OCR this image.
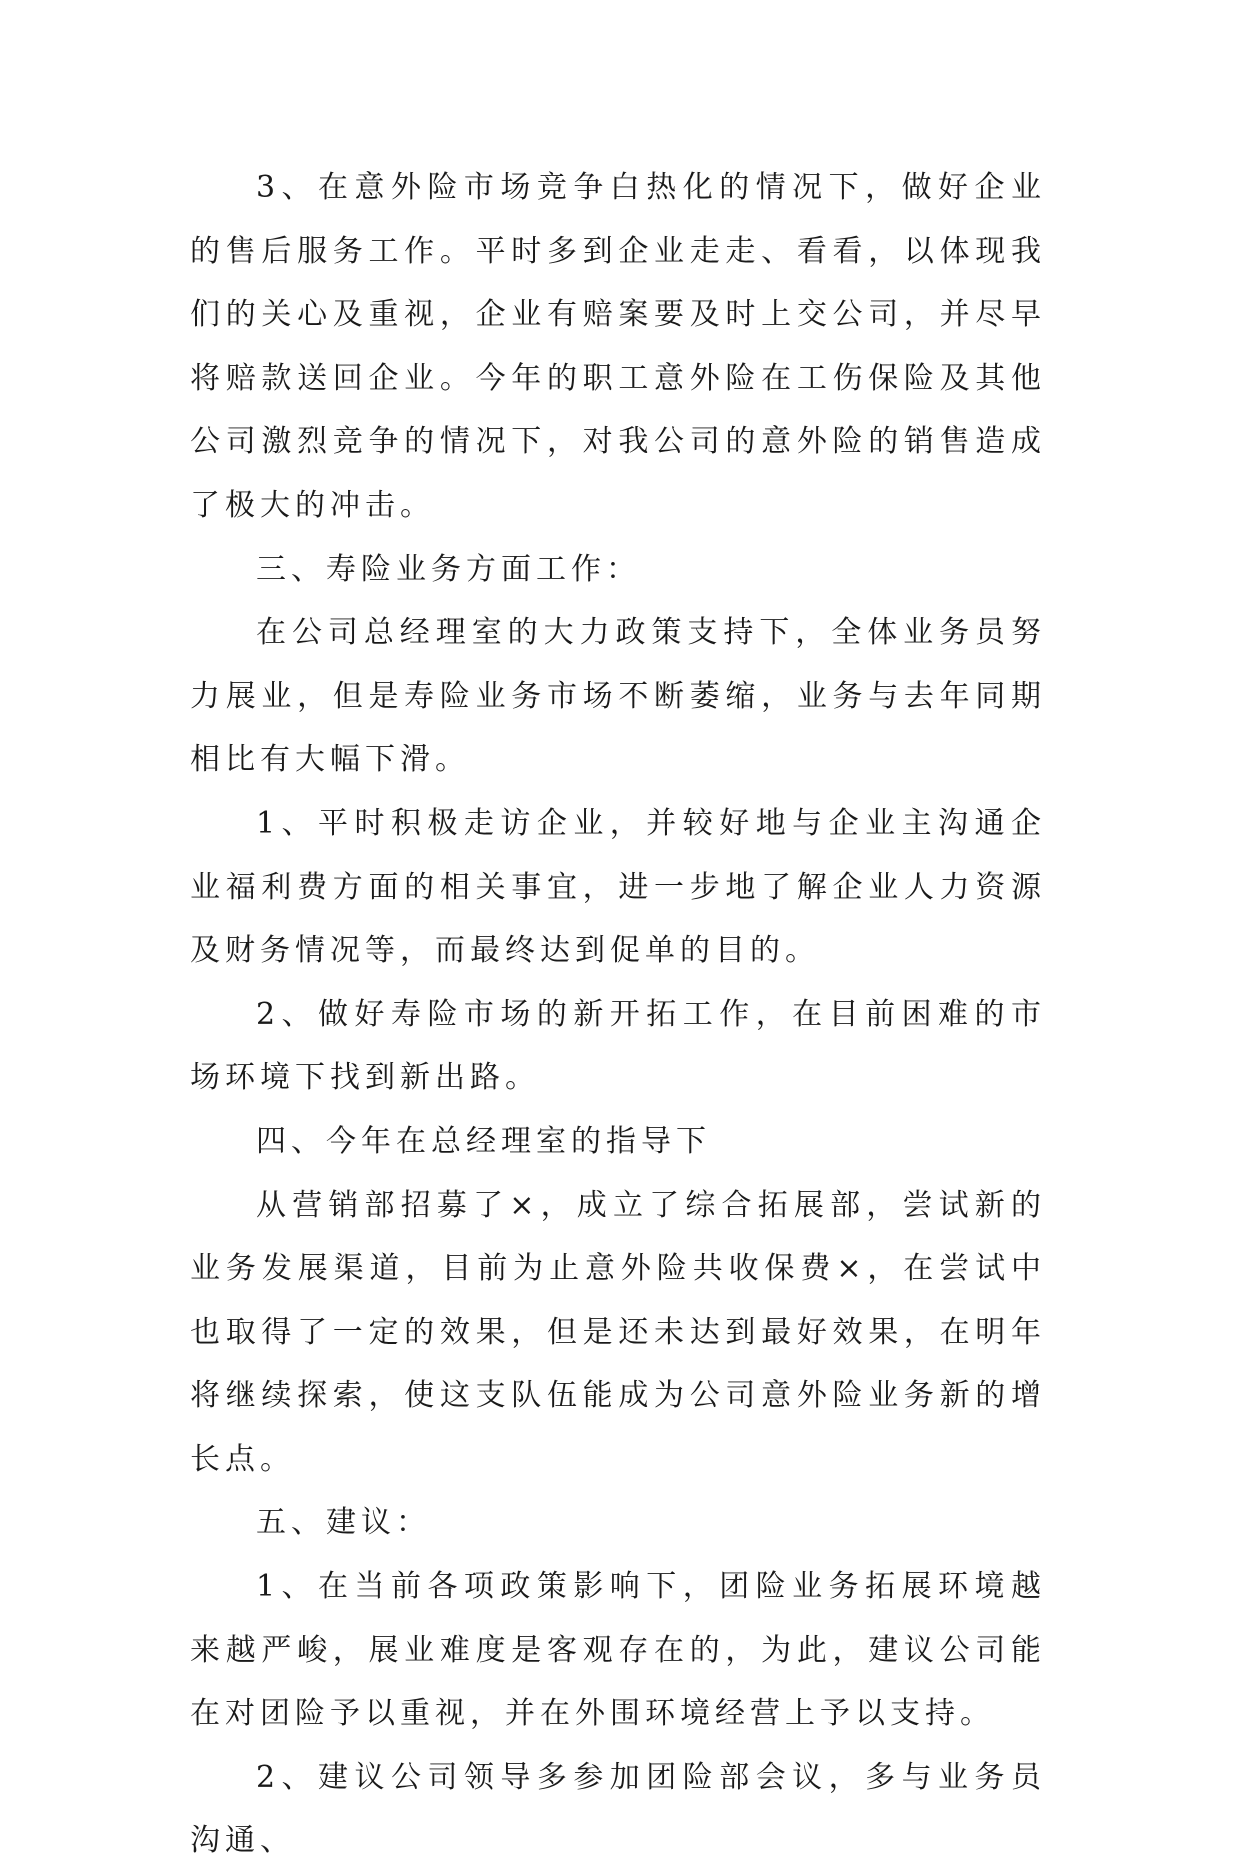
3、在意外险市场竞争白热化的情况下，做好企业的售后服务工作。平时多到企业走走、看看，以体现我们的关心及重视，企业有赔案要及时上交公司，并尽早将赔款送回企业。今年的职工意外险在工伤保险及其他公司激烈竞争的情况下，对我公司的意外险的销售造成了极大的冲击。

三、寿险业务方面工作：

在公司总经理室的大力政策支持下，全体业务员努力展业，但是寿险业务市场不断萎缩，业务与去年同期相比有大幅下滑。

1、平时积极走访企业，并较好地与企业主沟通企业福利费方面的相关事宜，进一步地了解企业人力资源及财务情况等，而最终达到促单的目的。

2、做好寿险市场的新开拓工作，在目前困难的市场环境下找到新出路。

四、今年在总经理室的指导下

从营销部招募了×，成立了综合拓展部，尝试新的业务发展渠道，目前为止意外险共收保费×，在尝试中也取得了一定的效果，但是还未达到最好效果，在明年将继续探索，使这支队伍能成为公司意外险业务新的增长点。

五、建议：

1、在当前各项政策影响下，团险业务拓展环境越来越严峻，展业难度是客观存在的，为此，建议公司能在对团险予以重视，并在外围环境经营上予以支持。

2、建议公司领导多参加团险部会议，多与业务员沟通、
